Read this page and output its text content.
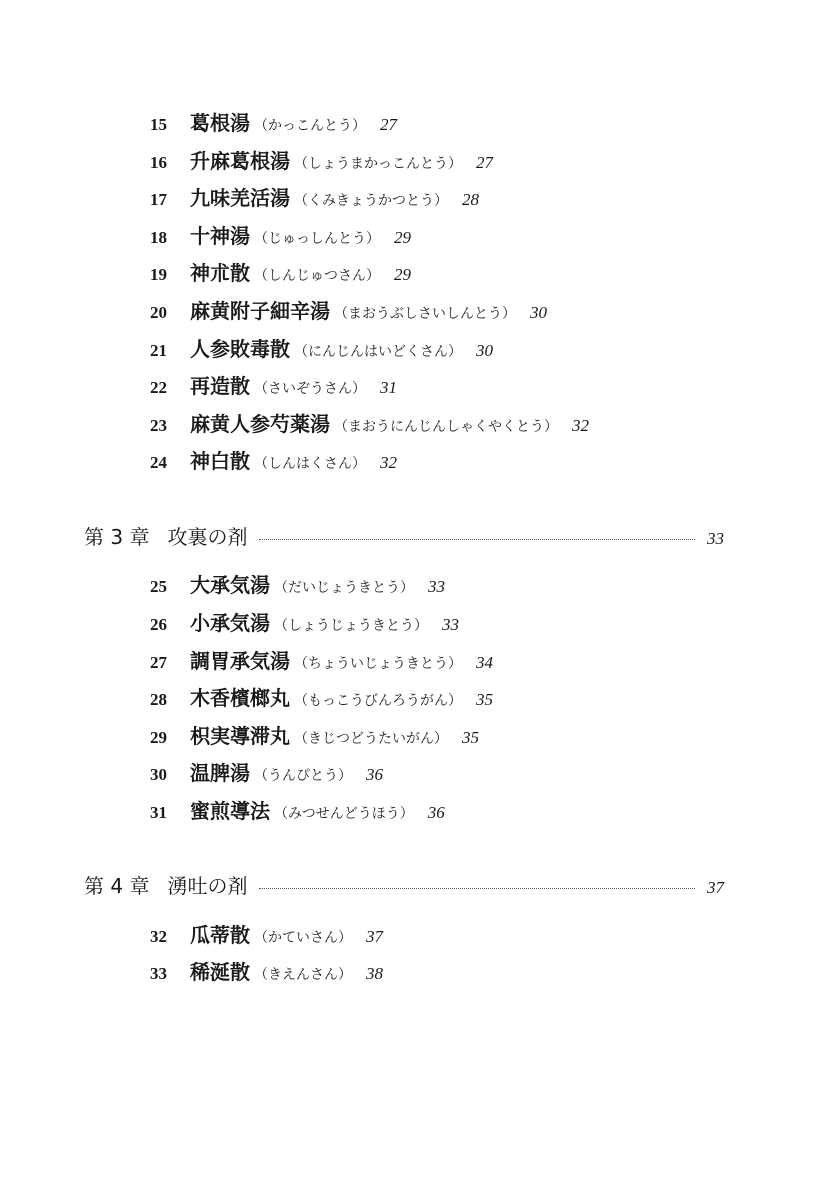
15	葛根湯 （かっこんとう） 27
16	升麻葛根湯 （しょうまかっこんとう） 27
17	九味羌活湯 （くみきょうかつとう） 28
18	十神湯 （じゅっしんとう） 29
19	神朮散 （しんじゅつさん） 29
20	麻黄附子細辛湯 （まおうぶしさいしんとう） 30
21	人参敗毒散 （にんじんはいどくさん） 30
22	再造散 （さいぞうさん） 31
23	麻黄人参芍薬湯 （まおうにんじんしゃくやくとう） 32
24	神白散 （しんはくさん） 32
第 3 章 攻裏の剤	33
25	大承気湯 （だいじょうきとう） 33
26	小承気湯 （しょうじょうきとう） 33
27	調胃承気湯 （ちょういじょうきとう） 34
28	木香檳榔丸 （もっこうびんろうがん） 35
29	枳実導滞丸 （きじつどうたいがん） 35
30	温脾湯 （うんぴとう） 36
31	蜜煎導法 （みつせんどうほう） 36
第 4 章 湧吐の剤	37
32	瓜蒂散 （かていさん） 37
33	稀涎散 （きえんさん） 38
